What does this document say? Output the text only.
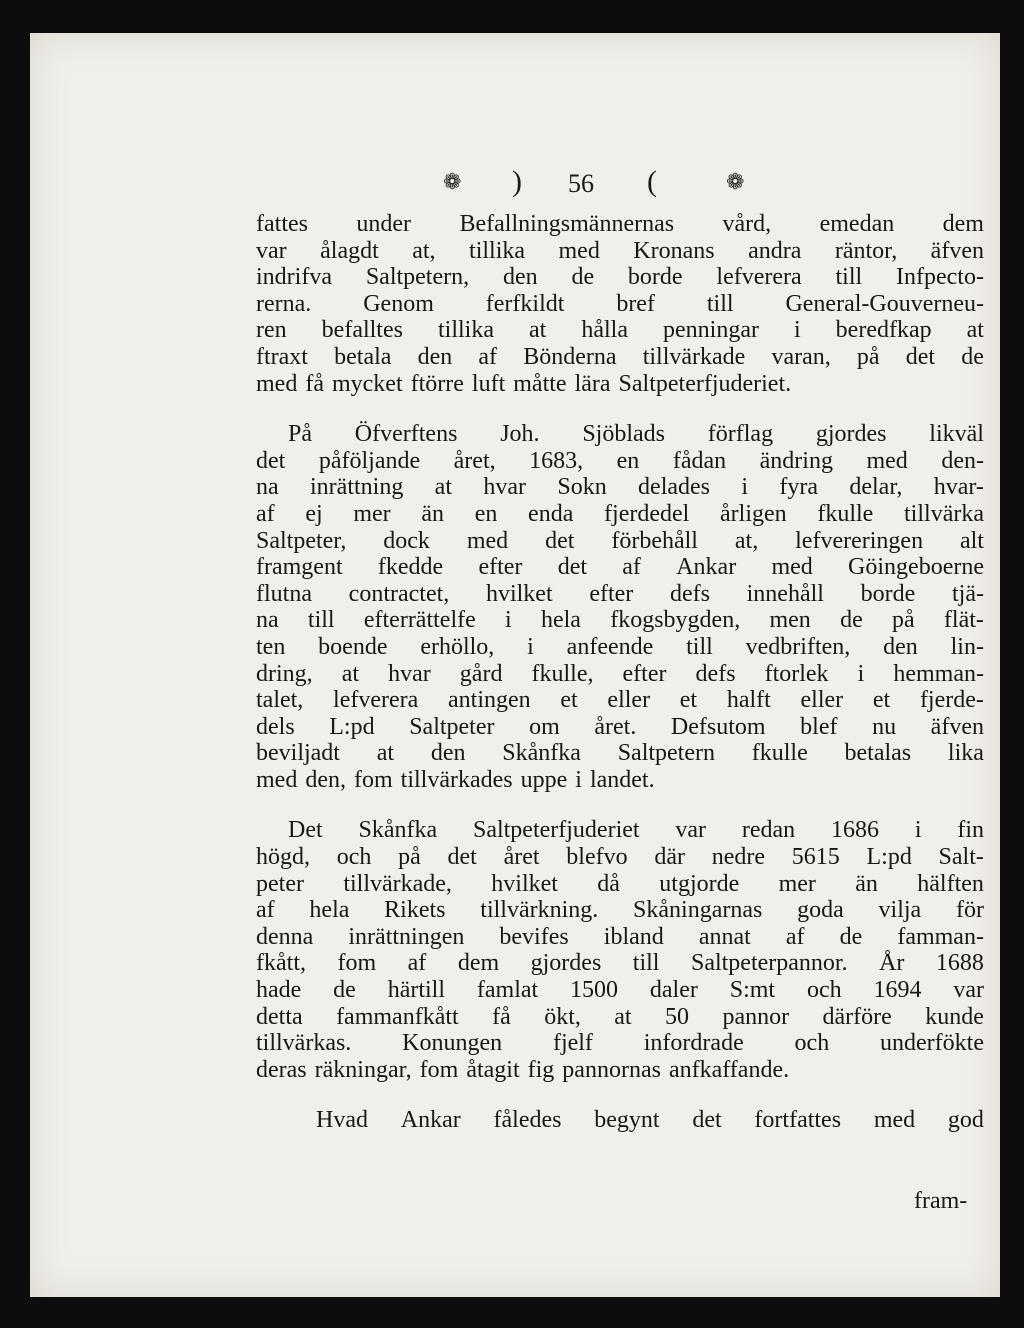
❁ ) 56 (	❁
fattes under Befallningsmännernas vård, emedan dem
var ålagdt at, tillika med Kronans andra räntor, äfven
indrifva Saltpetern, den de borde lefverera till Infpecto-
rerna. Genom ferfkildt bref till General-Gouverneu-
ren befalltes tillika at hålla penningar i beredfkap at
ftraxt betala den af Bönderna tillvärkade varan, på det de
med få mycket ftörre luft måtte lära Saltpeterfjuderiet.
På Öfverftens Joh. Sjöblads förflag gjordes likväl
det påföljande året, 1683, en fådan ändring med den-
na inrättning at hvar Sokn delades i fyra delar, hvar-
af ej mer än en enda fjerdedel årligen fkulle tillvärka
Saltpeter, dock med det förbehåll at, lefvereringen alt
framgent fkedde efter det af Ankar med Göingeboerne
flutna contractet, hvilket efter defs innehåll borde tjä-
na till efterrättelfe i hela fkogsbygden, men de på flät-
ten boende erhöllo, i anfeende till vedbriften, den lin-
dring, at hvar gård fkulle, efter defs ftorlek i hemman-
talet, lefverera antingen et eller et halft eller et fjerde-
dels L:pd Saltpeter om året. Defsutom blef nu äfven
beviljadt at den Skånfka Saltpetern fkulle betalas lika
med den, fom tillvärkades uppe i landet.
Det Skånfka Saltpeterfjuderiet var redan 1686 i fin
högd, och på det året blefvo där nedre 5615 L:pd Salt-
peter tillvärkade, hvilket då utgjorde mer än hälften
af hela Rikets tillvärkning. Skåningarnas goda vilja för
denna inrättningen bevifes ibland annat af de famman-
fkått, fom af dem gjordes till Saltpeterpannor. År 1688
hade de härtill famlat 1500 daler S:mt och 1694 var
detta fammanfkått få ökt, at 50 pannor därföre kunde
tillvärkas. Konungen fjelf infordrade och underfökte
deras räkningar, fom åtagit fig pannornas anfkaffande.
Hvad Ankar fåledes begynt det fortfattes med god
fram-
